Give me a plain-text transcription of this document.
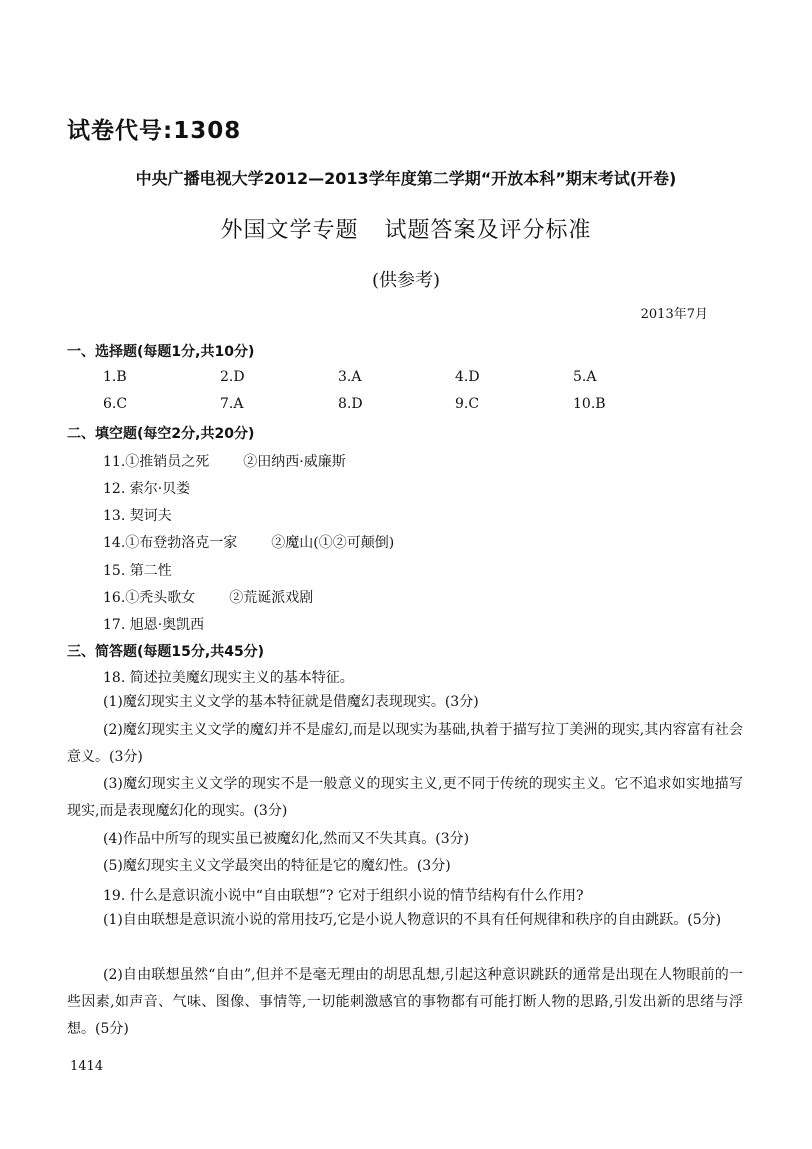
试卷代号:1308
中央广播电视大学2012—2013学年度第二学期“开放本科”期末考试(开卷)
外国文学专题 试题答案及评分标准
(供参考)
2013年7月
一、选择题(每题1分,共10分)
1.B	2.D	3.A	4.D	5.A
6.C	7.A	8.D	9.C	10.B
二、填空题(每空2分,共20分)
11.①推销员之死 ②田纳西·威廉斯
12. 索尔·贝娄
13. 契诃夫
14.①布登勃洛克一家 ②魔山(①②可颠倒)
15. 第二性
16.①秃头歌女 ②荒诞派戏剧
17. 旭恩·奥凯西
三、简答题(每题15分,共45分)
18. 简述拉美魔幻现实主义的基本特征。
(1)魔幻现实主义文学的基本特征就是借魔幻表现现实。(3分)
(2)魔幻现实主义文学的魔幻并不是虚幻,而是以现实为基础,执着于描写拉丁美洲的现实,其内容富有社会意义。(3分)
(3)魔幻现实主义文学的现实不是一般意义的现实主义,更不同于传统的现实主义。它不追求如实地描写现实,而是表现魔幻化的现实。(3分)
(4)作品中所写的现实虽已被魔幻化,然而又不失其真。(3分)
(5)魔幻现实主义文学最突出的特征是它的魔幻性。(3分)
19. 什么是意识流小说中“自由联想”? 它对于组织小说的情节结构有什么作用?
(1)自由联想是意识流小说的常用技巧,它是小说人物意识的不具有任何规律和秩序的自由跳跃。(5分)
(2)自由联想虽然“自由”,但并不是毫无理由的胡思乱想,引起这种意识跳跃的通常是出现在人物眼前的一些因素,如声音、气味、图像、事情等,一切能刺激感官的事物都有可能打断人物的思路,引发出新的思绪与浮想。(5分)
1414
